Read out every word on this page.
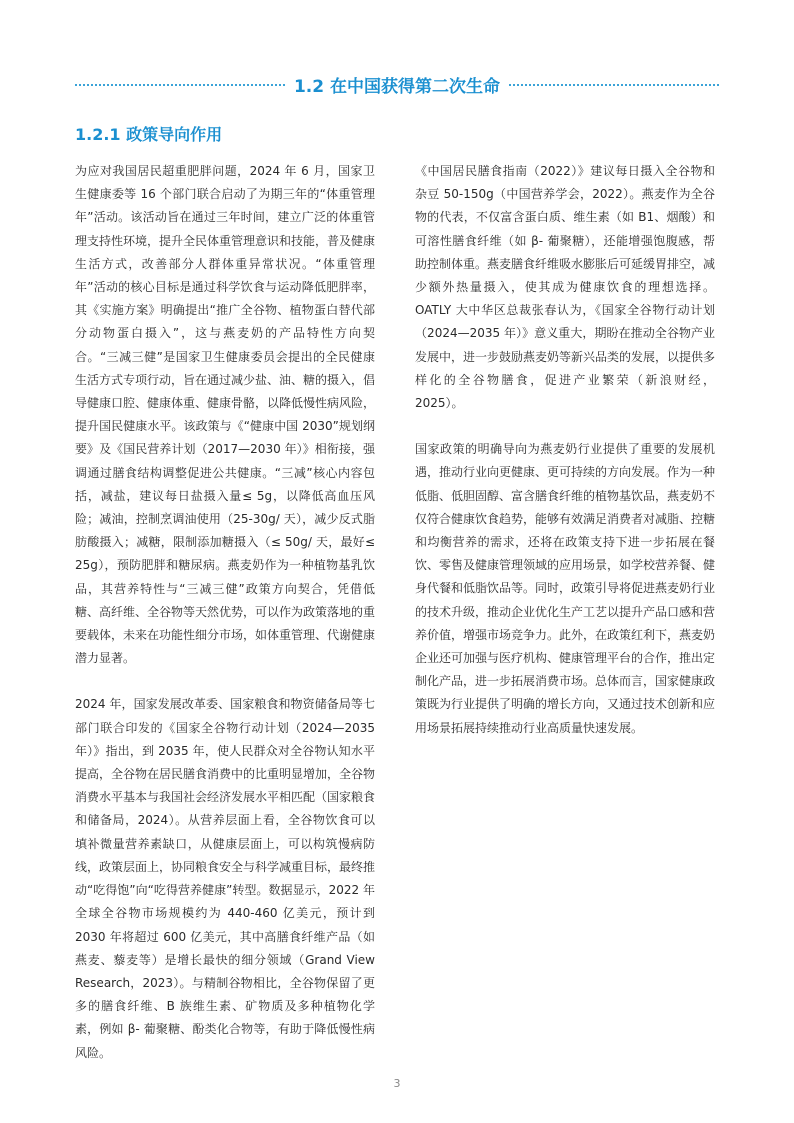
1.2 在中国获得第二次生命
1.2.1 政策导向作用

为应对我国居民超重肥胖问题，2024 年 6 月，国家卫生健康委等 16 个部门联合启动了为期三年的“体重管理年”活动。该活动旨在通过三年时间，建立广泛的体重管理支持性环境，提升全民体重管理意识和技能，普及健康生活方式，改善部分人群体重异常状况。“体重管理年”活动的核心目标是通过科学饮食与运动降低肥胖率，其《实施方案》明确提出“推广全谷物、植物蛋白替代部分动物蛋白摄入”，这与燕麦奶的产品特性方向契合。“三减三健”是国家卫生健康委员会提出的全民健康生活方式专项行动，旨在通过减少盐、油、糖的摄入，倡导健康口腔、健康体重、健康骨骼，以降低慢性病风险，提升国民健康水平。该政策与《“健康中国 2030”规划纲要》及《国民营养计划（2017—2030 年）》相衔接，强调通过膳食结构调整促进公共健康。“三减”核心内容包括，减盐，建议每日盐摄入量≤ 5g，以降低高血压风险；减油，控制烹调油使用（25-30g/ 天），减少反式脂肪酸摄入；减糖，限制添加糖摄入（≤ 50g/ 天，最好≤ 25g），预防肥胖和糖尿病。燕麦奶作为一种植物基乳饮品，其营养特性与“三减三健”政策方向契合，凭借低糖、高纤维、全谷物等天然优势，可以作为政策落地的重要载体，未来在功能性细分市场，如体重管理、代谢健康潜力显著。

2024 年，国家发展改革委、国家粮食和物资储备局等七部门联合印发的《国家全谷物行动计划（2024—2035 年）》指出，到 2035 年，使人民群众对全谷物认知水平提高，全谷物在居民膳食消费中的比重明显增加，全谷物消费水平基本与我国社会经济发展水平相匹配（国家粮食和储备局，2024）。从营养层面上看，全谷物饮食可以填补微量营养素缺口，从健康层面上，可以构筑慢病防线，政策层面上，协同粮食安全与科学减重目标，最终推动“吃得饱”向“吃得营养健康”转型。数据显示，2022 年全球全谷物市场规模约为 440-460 亿美元，预计到 2030 年将超过 600 亿美元，其中高膳食纤维产品（如燕麦、藜麦等）是增长最快的细分领域（Grand View Research，2023）。与精制谷物相比，全谷物保留了更多的膳食纤维、B 族维生素、矿物质及多种植物化学素，例如 β- 葡聚糖、酚类化合物等，有助于降低慢性病风险。

《中国居民膳食指南（2022）》建议每日摄入全谷物和杂豆 50-150g（中国营养学会，2022）。燕麦作为全谷物的代表，不仅富含蛋白质、维生素（如 B1、烟酸）和可溶性膳食纤维（如 β- 葡聚糖），还能增强饱腹感，帮助控制体重。燕麦膳食纤维吸水膨胀后可延缓胃排空，减少额外热量摄入，使其成为健康饮食的理想选择。OATLY 大中华区总裁张春认为，《国家全谷物行动计划（2024—2035 年）》意义重大，期盼在推动全谷物产业发展中，进一步鼓励燕麦奶等新兴品类的发展，以提供多样化的全谷物膳食，促进产业繁荣（新浪财经，2025）。

国家政策的明确导向为燕麦奶行业提供了重要的发展机遇，推动行业向更健康、更可持续的方向发展。作为一种低脂、低胆固醇、富含膳食纤维的植物基饮品，燕麦奶不仅符合健康饮食趋势，能够有效满足消费者对减脂、控糖和均衡营养的需求，还将在政策支持下进一步拓展在餐饮、零售及健康管理领域的应用场景，如学校营养餐、健身代餐和低脂饮品等。同时，政策引导将促进燕麦奶行业的技术升级，推动企业优化生产工艺以提升产品口感和营养价值，增强市场竞争力。此外，在政策红利下，燕麦奶企业还可加强与医疗机构、健康管理平台的合作，推出定制化产品，进一步拓展消费市场。总体而言，国家健康政策既为行业提供了明确的增长方向，又通过技术创新和应用场景拓展持续推动行业高质量快速发展。

3
